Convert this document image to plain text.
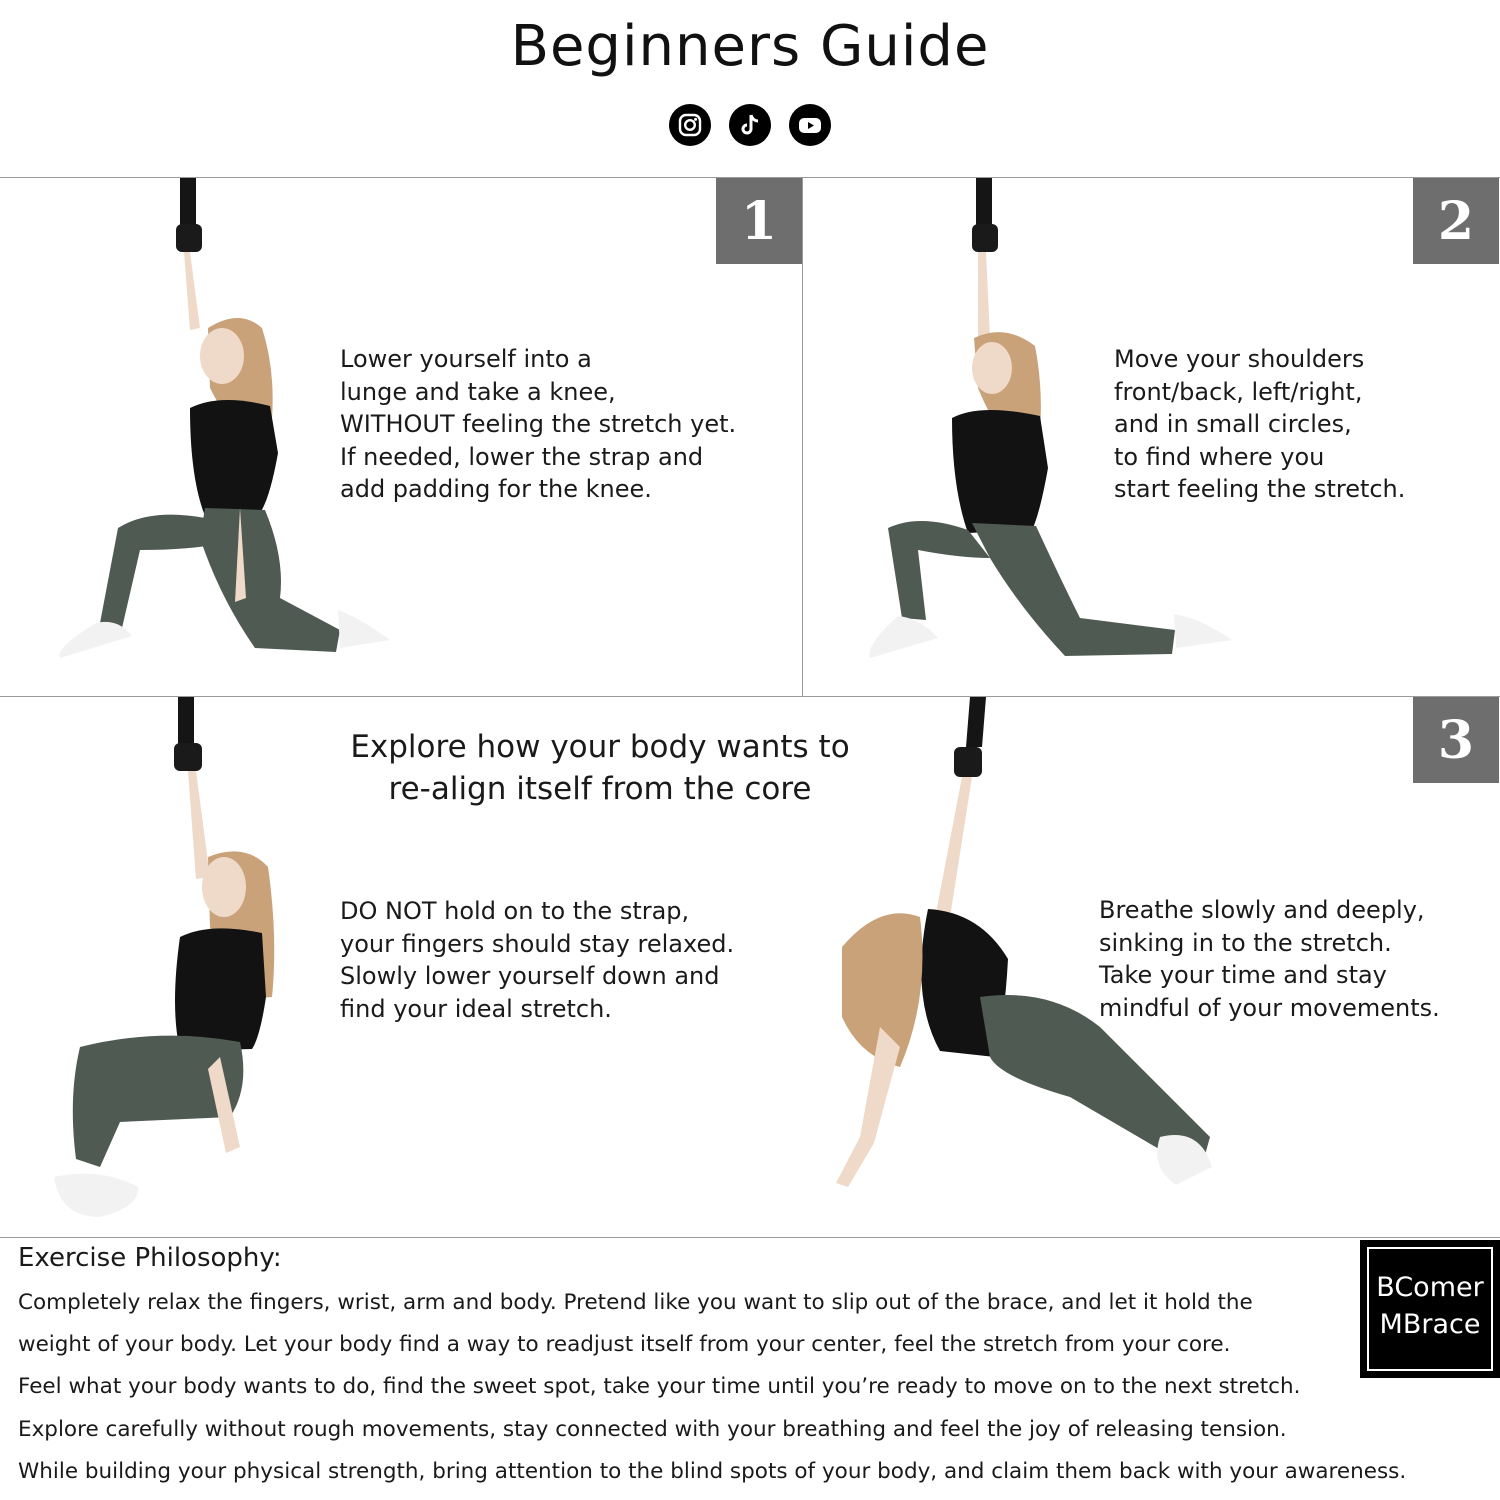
Beginners Guide
1
Lower yourself into a
lunge and take a knee,
WITHOUT feeling the stretch yet.
If needed, lower the strap and
add padding for the knee.
2
Move your shoulders
front/back, left/right,
and in small circles,
to find where you
start feeling the stretch.
Explore how your body wants to
re-align itself from the core
DO NOT hold on to the strap,
your fingers should stay relaxed.
Slowly lower yourself down and
find your ideal stretch.
3
Breathe slowly and deeply,
sinking in to the stretch.
Take your time and stay
mindful of your movements.
Exercise Philosophy:
Completely relax the fingers, wrist, arm and body. Pretend like you want to slip out of the brace, and let it hold the
weight of your body. Let your body find a way to readjust itself from your center, feel the stretch from your core.
Feel what your body wants to do, find the sweet spot, take your time until you’re ready to move on to the next stretch.
Explore carefully without rough movements, stay connected with your breathing and feel the joy of releasing tension.
While building your physical strength, bring attention to the blind spots of your body, and claim them back with your awareness.
BComer
MBrace
